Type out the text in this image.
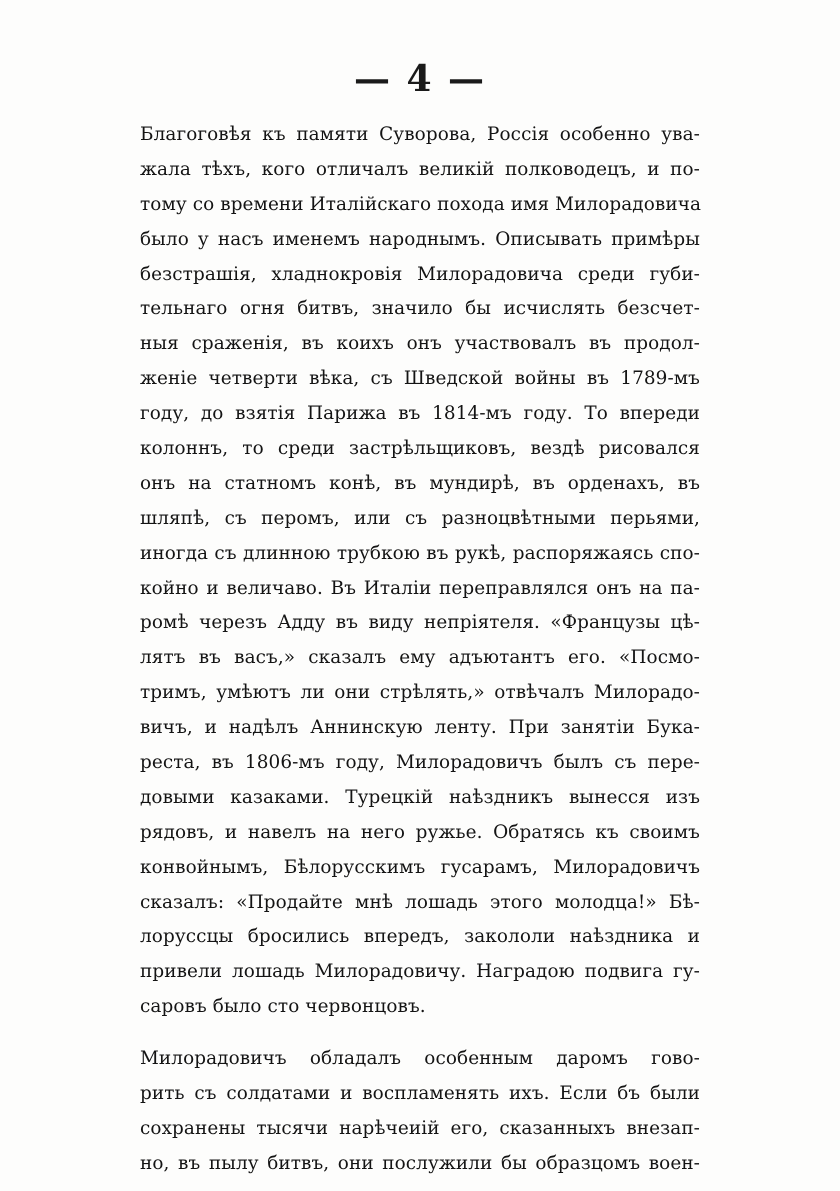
— 4 —

Благоговѣя къ памяти Суворова, Россія особенно ува-
жала тѣхъ, кого отличалъ великій полководецъ, и по-
тому со времени Италійскаго похода имя Милорадовича
было у насъ именемъ народнымъ. Описывать примѣры
безстрашія, хладнокровія Милорадовича среди губи-
тельнаго огня битвъ, значило бы исчислять безсчет-
ныя сраженія, въ коихъ онъ участвовалъ въ продол-
женіе четверти вѣка, съ Шведской войны въ 1789-мъ
году, до взятія Парижа въ 1814-мъ году. То впереди
колоннъ, то среди застрѣльщиковъ, вездѣ рисовался
онъ на статномъ конѣ, въ мундирѣ, въ орденахъ, въ
шляпѣ, съ перомъ, или съ разноцвѣтными перьями,
иногда съ длинною трубкою въ рукѣ, распоряжаясь спо-
койно и величаво. Въ Италіи переправлялся онъ на па-
ромѣ черезъ Адду въ виду непріятеля. «Французы цѣ-
лятъ въ васъ,» сказалъ ему адъютантъ его. «Посмо-
тримъ, умѣютъ ли они стрѣлять,» отвѣчалъ Милорадо-
вичъ, и надѣлъ Аннинскую ленту. При занятіи Бука-
реста, въ 1806-мъ году, Милорадовичъ былъ съ пере-
довыми казаками. Турецкій наѣздникъ вынесся изъ
рядовъ, и навелъ на него ружье. Обратясь къ своимъ
конвойнымъ, Бѣлорусскимъ гусарамъ, Милорадовичъ
сказалъ: «Продайте мнѣ лошадь этого молодца!» Бѣ-
лоруссцы бросились впередъ, закололи наѣздника и
привели лошадь Милорадовичу. Наградою подвига гу-
саровъ было сто червонцовъ.

Милорадовичъ обладалъ особенным даромъ гово-
рить съ солдатами и воспламенять ихъ. Если бъ были
сохранены тысячи нарѣчеиій его, сказанныхъ внезап-
но, въ пылу битвъ, они послужили бы образцомъ воен-
